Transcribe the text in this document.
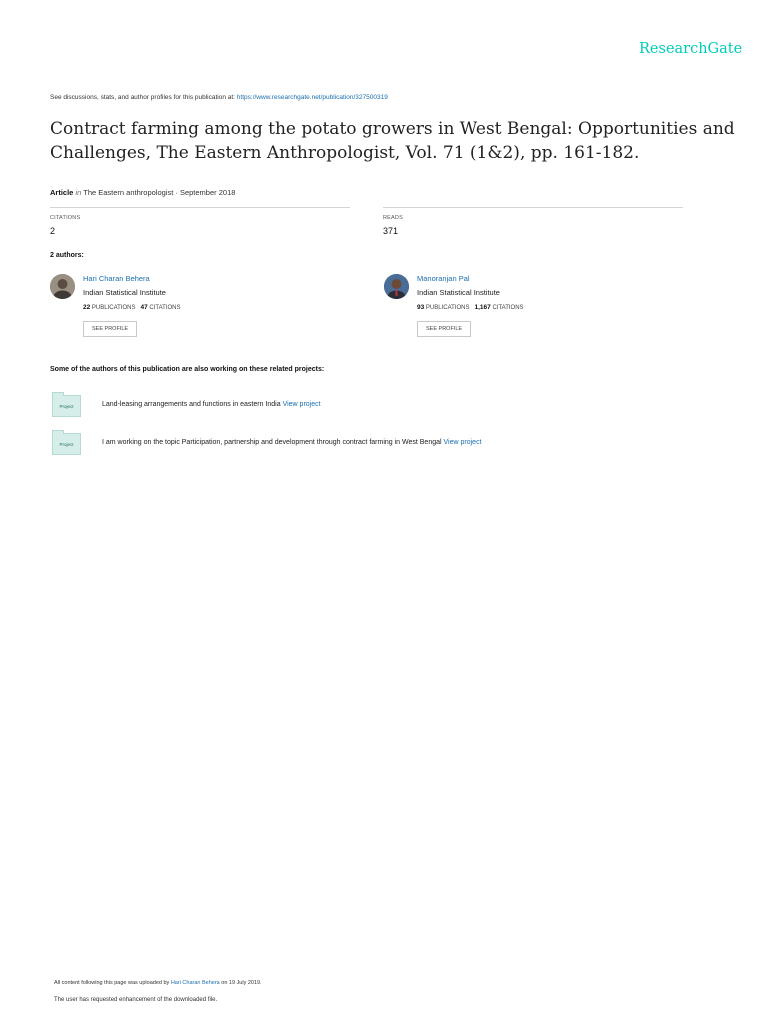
ResearchGate
See discussions, stats, and author profiles for this publication at: https://www.researchgate.net/publication/327500319
Contract farming among the potato growers in West Bengal: Opportunities and Challenges, The Eastern Anthropologist, Vol. 71 (1&2), pp. 161-182.
Article in The Eastern anthropologist · September 2018
CITATIONS
2
READS
371
2 authors:
Hari Charan Behera
Indian Statistical Institute
22 PUBLICATIONS 47 CITATIONS
SEE PROFILE
Manoranjan Pal
Indian Statistical Institute
93 PUBLICATIONS 1,167 CITATIONS
SEE PROFILE
Some of the authors of this publication are also working on these related projects:
Project	Land-leasing arrangements and functions in eastern India View project
Project	I am working on the topic Participation, partnership and development through contract farming in West Bengal View project
All content following this page was uploaded by Hari Charan Behera on 19 July 2019.
The user has requested enhancement of the downloaded file.
